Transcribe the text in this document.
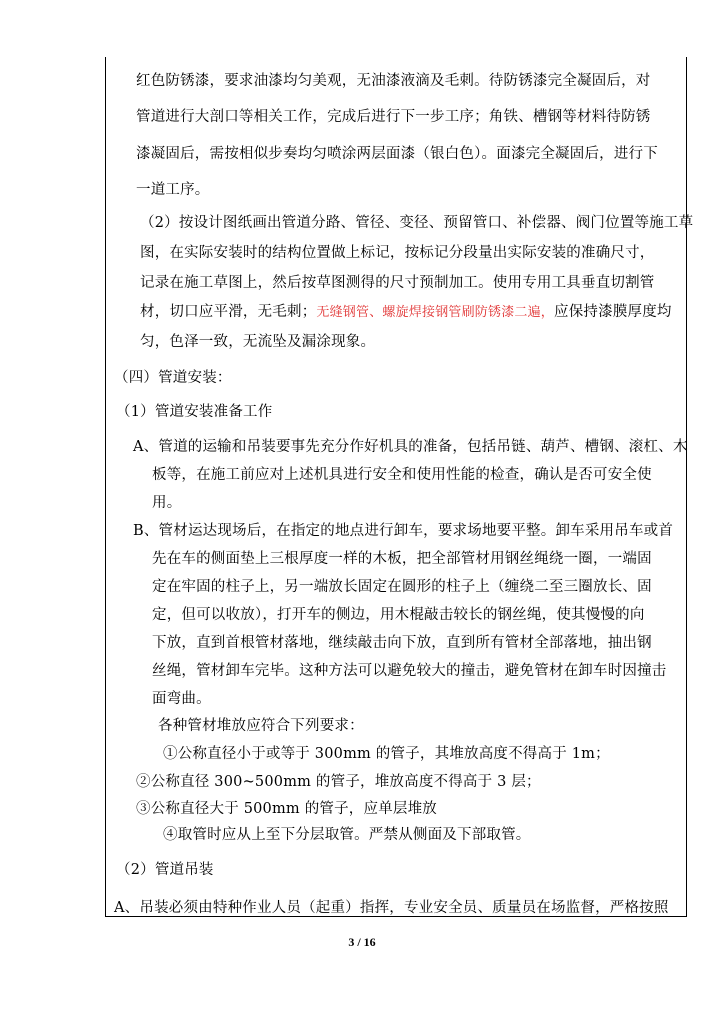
红色防锈漆，要求油漆均匀美观，无油漆液滴及毛刺。待防锈漆完全凝固后，对
管道进行大剖口等相关工作，完成后进行下一步工序；角铁、槽钢等材料待防锈
漆凝固后，需按相似步奏均匀喷涂两层面漆（银白色）。面漆完全凝固后，进行下
一道工序。
（2）按设计图纸画出管道分路、管径、变径、预留管口、补偿器、阀门位置等施工草
图，在实际安装时的结构位置做上标记，按标记分段量出实际安装的准确尺寸，
记录在施工草图上，然后按草图测得的尺寸预制加工。使用专用工具垂直切割管
材，切口应平滑，无毛刺；无缝钢管、螺旋焊接钢管刷防锈漆二遍，应保持漆膜厚度均
匀，色泽一致，无流坠及漏涂现象。
（四）管道安装：
（1）管道安装准备工作
A、管道的运输和吊装要事先充分作好机具的准备，包括吊链、葫芦、槽钢、滚杠、木
板等，在施工前应对上述机具进行安全和使用性能的检查，确认是否可安全使
用。
B、管材运达现场后，在指定的地点进行卸车，要求场地要平整。卸车采用吊车或首
先在车的侧面垫上三根厚度一样的木板，把全部管材用钢丝绳绕一圈，一端固
定在牢固的柱子上，另一端放长固定在圆形的柱子上（缠绕二至三圈放长、固
定，但可以收放），打开车的侧边，用木棍敲击较长的钢丝绳，使其慢慢的向
下放，直到首根管材落地，继续敲击向下放，直到所有管材全部落地，抽出钢
丝绳，管材卸车完毕。这种方法可以避免较大的撞击，避免管材在卸车时因撞击
面弯曲。
各种管材堆放应符合下列要求：
①公称直径小于或等于 300mm 的管子，其堆放高度不得高于 1m；
②公称直径 300~500mm 的管子，堆放高度不得高于 3 层；
③公称直径大于 500mm 的管子，应单层堆放
④取管时应从上至下分层取管。严禁从侧面及下部取管。
（2）管道吊装
A、吊装必须由特种作业人员（起重）指挥，专业安全员、质量员在场监督，严格按照
3 / 16
